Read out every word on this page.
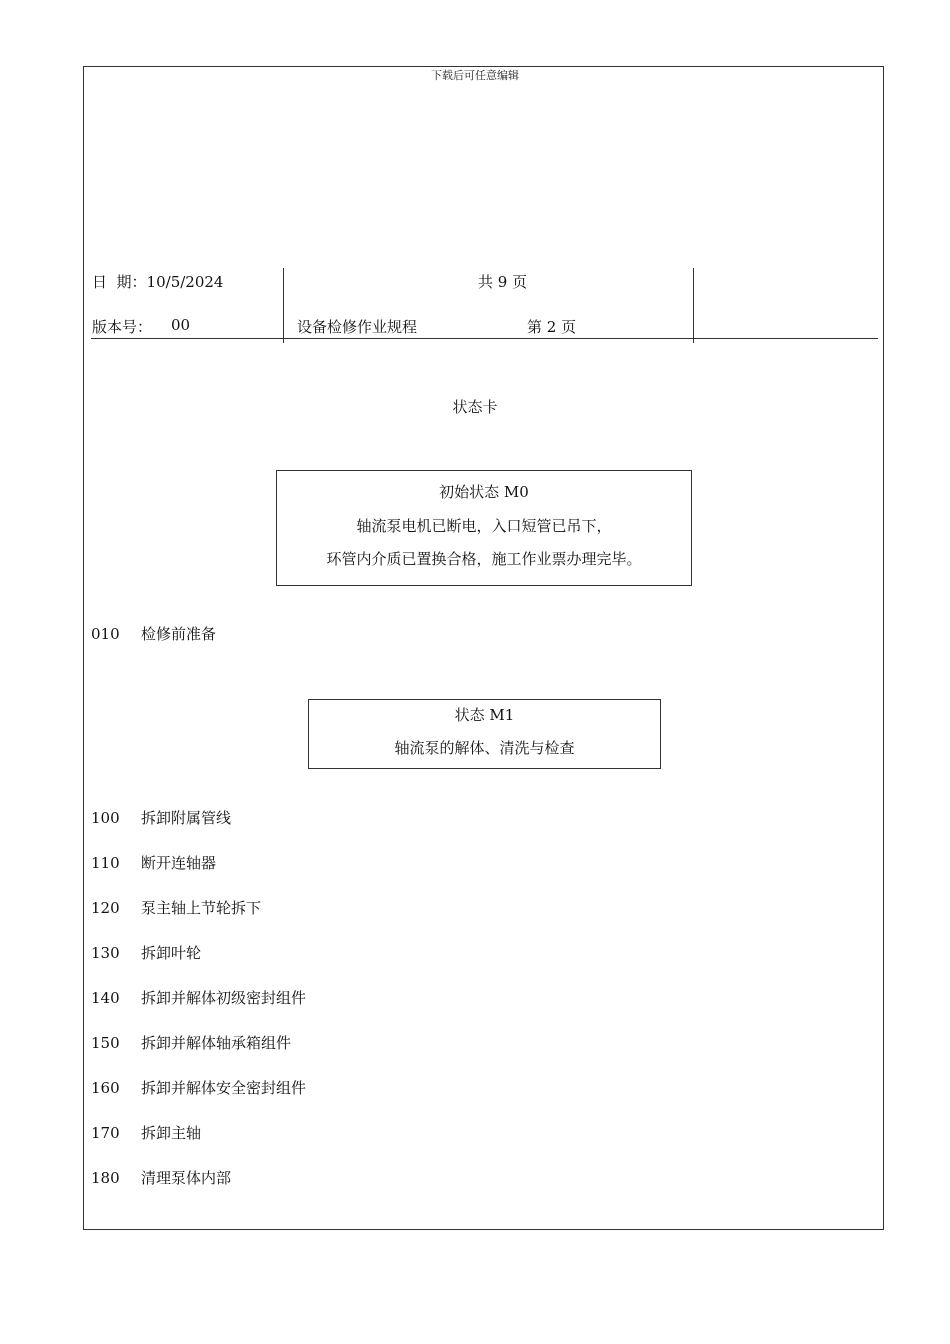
下载后可任意编辑
日  期：10/5/2024	共 9 页
版本号： 00	设备检修作业规程	第 2 页
状态卡
初始状态 M0
轴流泵电机已断电，入口短管已吊下，
环管内介质已置换合格，施工作业票办理完毕。
010 检修前准备
状态 M1
轴流泵的解体、清洗与检查
100 拆卸附属管线
110 断开连轴器
120 泵主轴上节轮拆下
130 拆卸叶轮
140 拆卸并解体初级密封组件
150 拆卸并解体轴承箱组件
160 拆卸并解体安全密封组件
170 拆卸主轴
180 清理泵体内部
